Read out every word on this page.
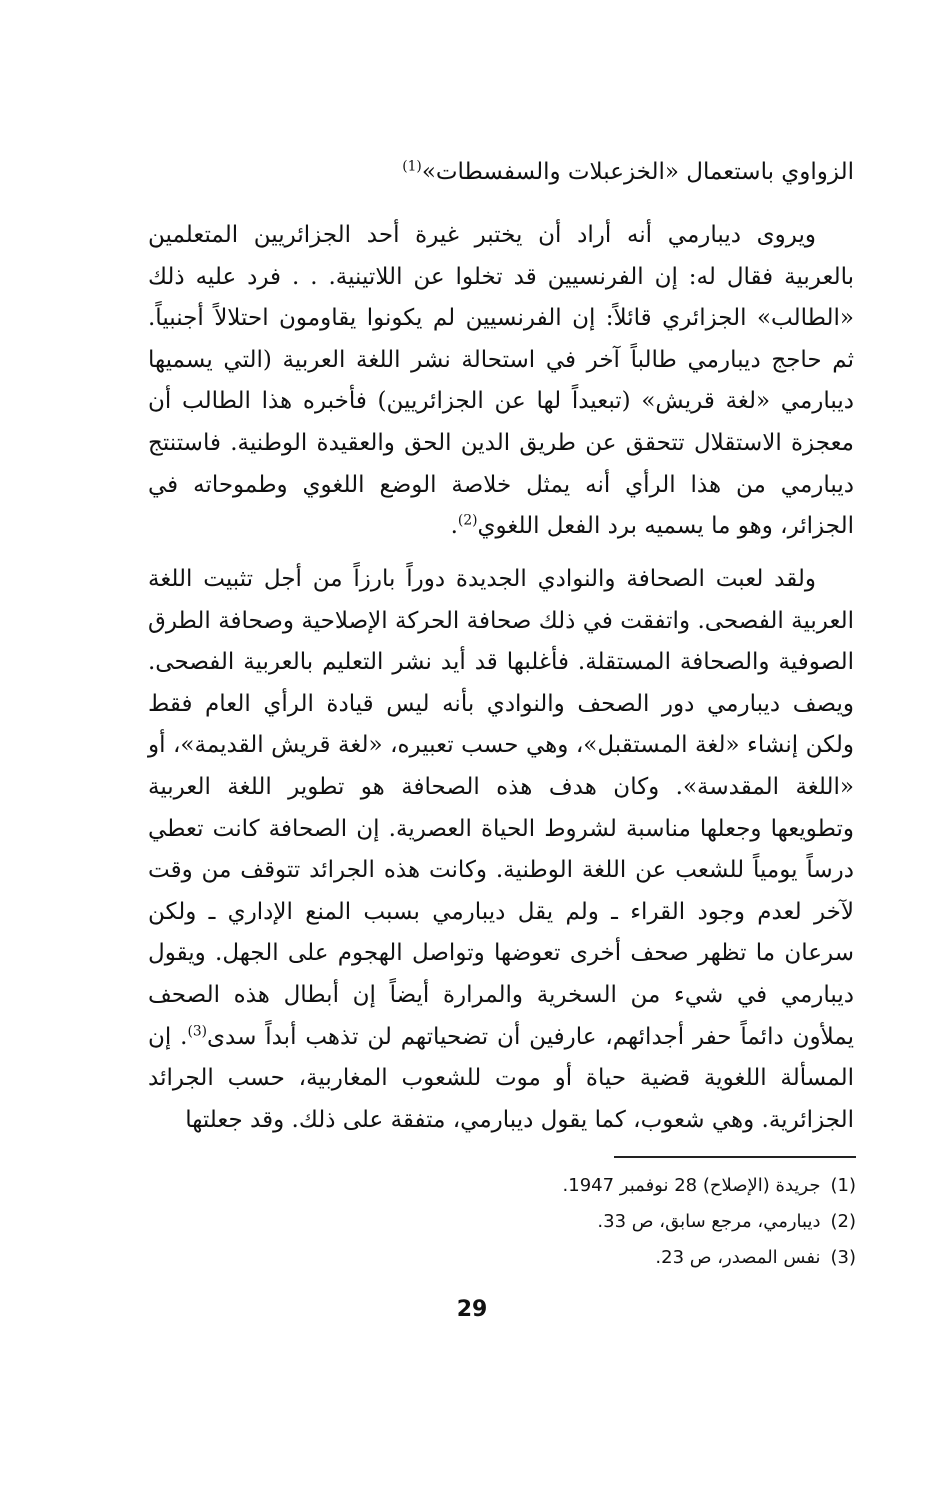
الزواوي باستعمال «الخزعبلات والسفسطات»$^{(1)}$
ويروى ديبارمي أنه أراد أن يختبر غيرة أحد الجزائريين المتعلمين بالعربية فقال له: إن الفرنسيين قد تخلوا عن اللاتينية. . . فرد عليه ذلك «الطالب» الجزائري قائلاً: إن الفرنسيين لم يكونوا يقاومون احتلالاً أجنبياً. ثم حاجج ديبارمي طالباً آخر في استحالة نشر اللغة العربية (التي يسميها ديبارمي «لغة قريش» (تبعيداً لها عن الجزائريين) فأخبره هذا الطالب أن معجزة الاستقلال تتحقق عن طريق الدين الحق والعقيدة الوطنية. فاستنتج ديبارمي من هذا الرأي أنه يمثل خلاصة الوضع اللغوي وطموحاته في الجزائر، وهو ما يسميه برد الفعل اللغوي$^{(2)}$.
ولقد لعبت الصحافة والنوادي الجديدة دوراً بارزاً من أجل تثبيت اللغة العربية الفصحى. واتفقت في ذلك صحافة الحركة الإصلاحية وصحافة الطرق الصوفية والصحافة المستقلة. فأغلبها قد أيد نشر التعليم بالعربية الفصحى. ويصف ديبارمي دور الصحف والنوادي بأنه ليس قيادة الرأي العام فقط ولكن إنشاء «لغة المستقبل»، وهي حسب تعبيره، «لغة قريش القديمة»، أو «اللغة المقدسة». وكان هدف هذه الصحافة هو تطوير اللغة العربية وتطويعها وجعلها مناسبة لشروط الحياة العصرية. إن الصحافة كانت تعطي درساً يومياً للشعب عن اللغة الوطنية. وكانت هذه الجرائد تتوقف من وقت لآخر لعدم وجود القراء ـ ولم يقل ديبارمي بسبب المنع الإداري ـ ولكن سرعان ما تظهر صحف أخرى تعوضها وتواصل الهجوم على الجهل. ويقول ديبارمي في شيء من السخرية والمرارة أيضاً إن أبطال هذه الصحف يملأون دائماً حفر أجدائهم، عارفين أن تضحياتهم لن تذهب أبداً سدى$^{(3)}$. إن المسألة اللغوية قضية حياة أو موت للشعوب المغاربية، حسب الجرائد الجزائرية. وهي شعوب، كما يقول ديبارمي، متفقة على ذلك. وقد جعلتها
(1)جريدة (الإصلاح) 28 نوفمبر 1947.
(2)ديبارمي، مرجع سابق، ص 33.
(3)نفس المصدر، ص 23.
29
